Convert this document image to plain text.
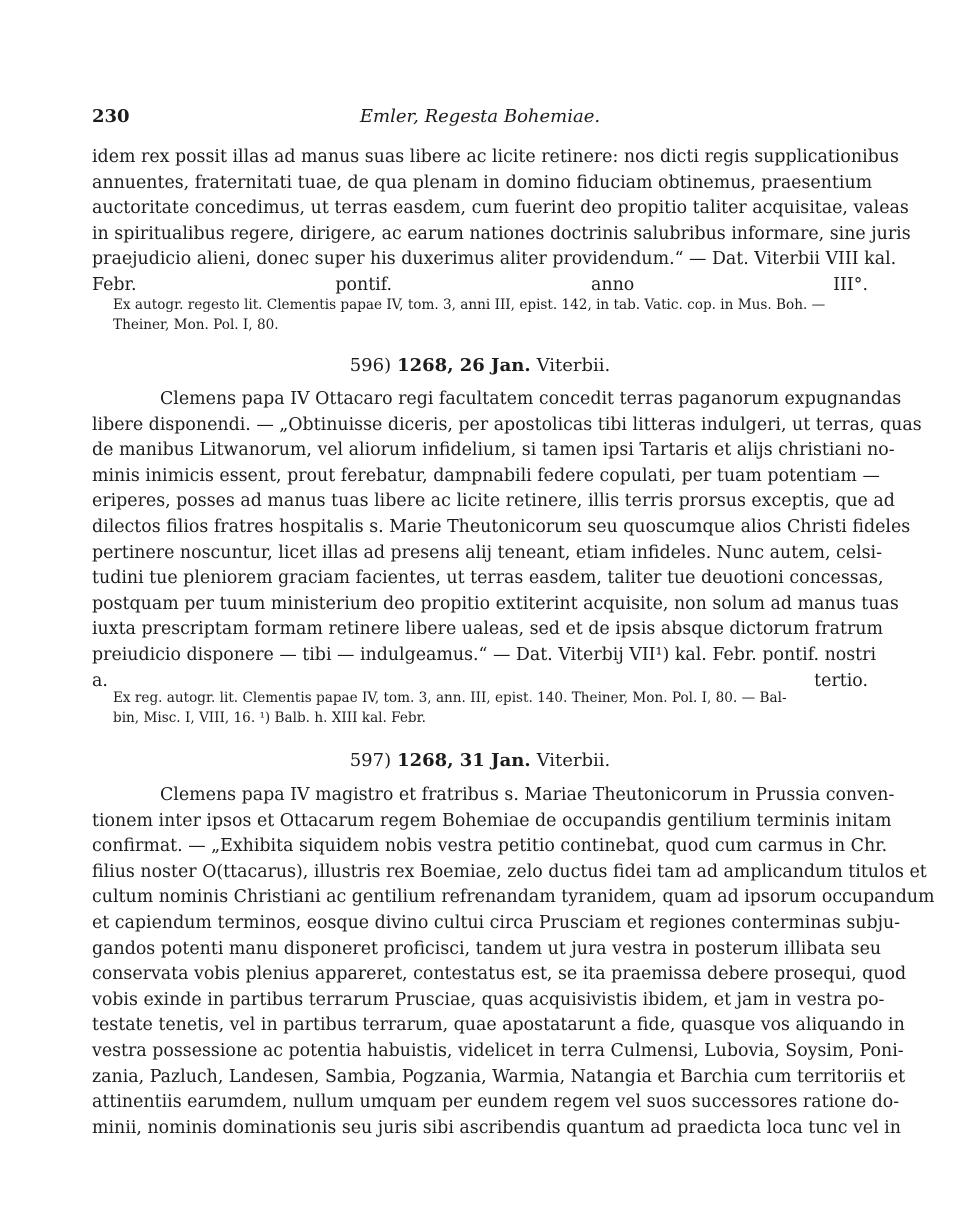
230	Emler, Regesta Bohemiae.

idem rex possit illas ad manus suas libere ac licite retinere: nos dicti regis supplicationibus
annuentes, fraternitati tuae, de qua plenam in domino fiduciam obtinemus, praesentium
auctoritate concedimus, ut terras easdem, cum fuerint deo propitio taliter acquisitae, valeas
in spiritualibus regere, dirigere, ac earum nationes doctrinis salubribus informare, sine juris
praejudicio alieni, donec super his duxerimus aliter providendum.“ — Dat. Viterbii VIII kal.
Febr. pontif. anno III°.

Ex autogr. regesto lit. Clementis papae IV, tom. 3, anni III, epist. 142, in tab. Vatic. cop. in Mus. Boh. —
Theiner, Mon. Pol. I, 80.

596) 1268, 26 Jan. Viterbii.

Clemens papa IV Ottacaro regi facultatem concedit terras paganorum expugnandas
libere disponendi. — „Obtinuisse diceris, per apostolicas tibi litteras indulgeri, ut terras, quas
de manibus Litwanorum, vel aliorum infidelium, si tamen ipsi Tartaris et alijs christiani no-
minis inimicis essent, prout ferebatur, dampnabili federe copulati, per tuam potentiam —
eriperes, posses ad manus tuas libere ac licite retinere, illis terris prorsus exceptis, que ad
dilectos filios fratres hospitalis s. Marie Theutonicorum seu quoscumque alios Christi fideles
pertinere noscuntur, licet illas ad presens alij teneant, etiam infideles. Nunc autem, celsi-
tudini tue pleniorem graciam facientes, ut terras easdem, taliter tue deuotioni concessas,
postquam per tuum ministerium deo propitio extiterint acquisite, non solum ad manus tuas
iuxta prescriptam formam retinere libere ualeas, sed et de ipsis absque dictorum fratrum
preiudicio disponere — tibi — indulgeamus.“ — Dat. Viterbij VII¹) kal. Febr. pontif. nostri
a. tertio.

Ex reg. autogr. lit. Clementis papae IV, tom. 3, ann. III, epist. 140. Theiner, Mon. Pol. I, 80. — Bal-
bin, Misc. I, VIII, 16. ¹) Balb. h. XIII kal. Febr.

597) 1268, 31 Jan. Viterbii.

Clemens papa IV magistro et fratribus s. Mariae Theutonicorum in Prussia conven-
tionem inter ipsos et Ottacarum regem Bohemiae de occupandis gentilium terminis initam
confirmat. — „Exhibita siquidem nobis vestra petitio continebat, quod cum carmus in Chr.
filius noster O(ttacarus), illustris rex Boemiae, zelo ductus fidei tam ad amplicandum titulos et
cultum nominis Christiani ac gentilium refrenandam tyranidem, quam ad ipsorum occupandum
et capiendum terminos, eosque divino cultui circa Prusciam et regiones conterminas subju-
gandos potenti manu disponeret proficisci, tandem ut jura vestra in posterum illibata seu
conservata vobis plenius appareret, contestatus est, se ita praemissa debere prosequi, quod
vobis exinde in partibus terrarum Prusciae, quas acquisivistis ibidem, et jam in vestra po-
testate tenetis, vel in partibus terrarum, quae apostatarunt a fide, quasque vos aliquando in
vestra possessione ac potentia habuistis, videlicet in terra Culmensi, Lubovia, Soysim, Poni-
zania, Pazluch, Landesen, Sambia, Pogzania, Warmia, Natangia et Barchia cum territoriis et
attinentiis earumdem, nullum umquam per eundem regem vel suos successores ratione do-
minii, nominis dominationis seu juris sibi ascribendis quantum ad praedicta loca tunc vel in
